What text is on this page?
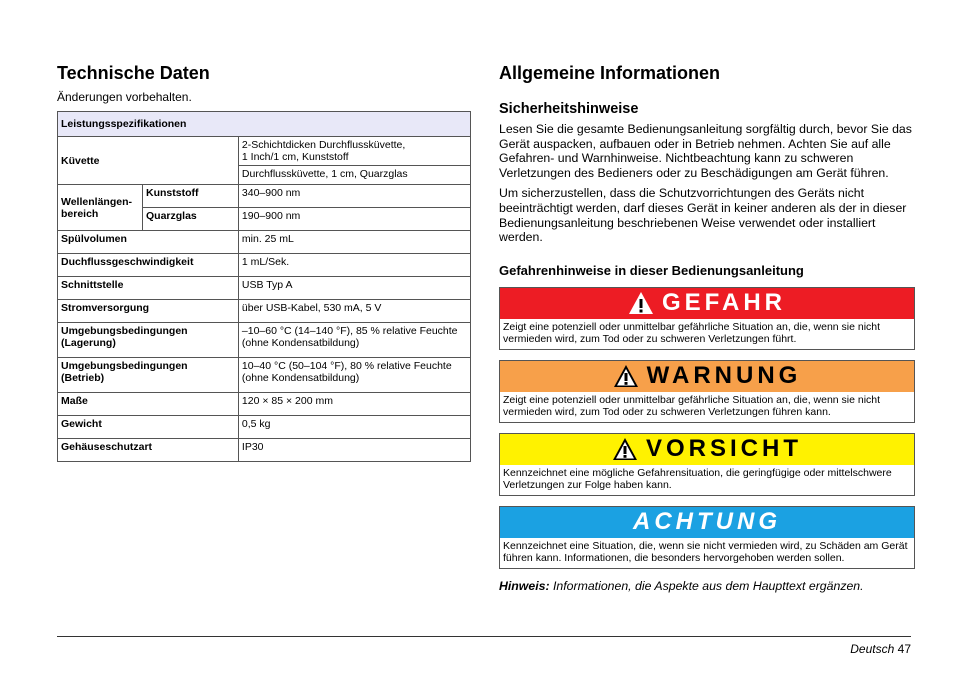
Technische Daten
Änderungen vorbehalten.
Leistungsspezifikationen		
Küvette		2-Schichtdicken Durchflussküvette,
1 Inch/1 cm, Kunststoff
		Durchflussküvette, 1 cm, Quarzglas
Wellenlängen-
bereich	Kunststoff	340–900 nm
	Quarzglas	190–900 nm
Spülvolumen		min. 25 mL
Duchflussgeschwindigkeit		1 mL/Sek.
Schnittstelle		USB Typ A
Stromversorgung		über USB-Kabel, 530 mA, 5 V
Umgebungsbedingungen
(Lagerung)		–10–60 °C (14–140 °F), 85 % relative Feuchte
(ohne Kondensatbildung)
Umgebungsbedingungen
(Betrieb)		10–40 °C (50–104 °F), 80 % relative Feuchte
(ohne Kondensatbildung)
Maße		120 × 85 × 200 mm
Gewicht		0,5 kg
Gehäuseschutzart		IP30
Allgemeine Informationen
Sicherheitshinweise

Lesen Sie die gesamte Bedienungsanleitung sorgfältig durch, bevor Sie das Gerät auspacken, aufbauen oder in Betrieb nehmen. Achten Sie auf alle Gefahren- und Warnhinweise. Nichtbeachtung kann zu schweren Verletzungen des Bedieners oder zu Beschädigungen am Gerät führen.

Um sicherzustellen, dass die Schutzvorrichtungen des Geräts nicht beeinträchtigt werden, darf dieses Gerät in keiner anderen als der in dieser Bedienungsanleitung beschriebenen Weise verwendet oder installiert werden.

Gefahrenhinweise in dieser Bedienungsanleitung
GEFAHR
Zeigt eine potenziell oder unmittelbar gefährliche Situation an, die, wenn sie nicht vermieden wird, zum Tod oder zu schweren Verletzungen führt.
WARNUNG
Zeigt eine potenziell oder unmittelbar gefährliche Situation an, die, wenn sie nicht vermieden wird, zum Tod oder zu schweren Verletzungen führen kann.
VORSICHT
Kennzeichnet eine mögliche Gefahrensituation, die geringfügige oder mittelschwere Verletzungen zur Folge haben kann.
ACHTUNG
Kennzeichnet eine Situation, die, wenn sie nicht vermieden wird, zu Schäden am Gerät führen kann. Informationen, die besonders hervorgehoben werden sollen.
Hinweis: Informationen, die Aspekte aus dem Haupttext ergänzen.
Deutsch 47
